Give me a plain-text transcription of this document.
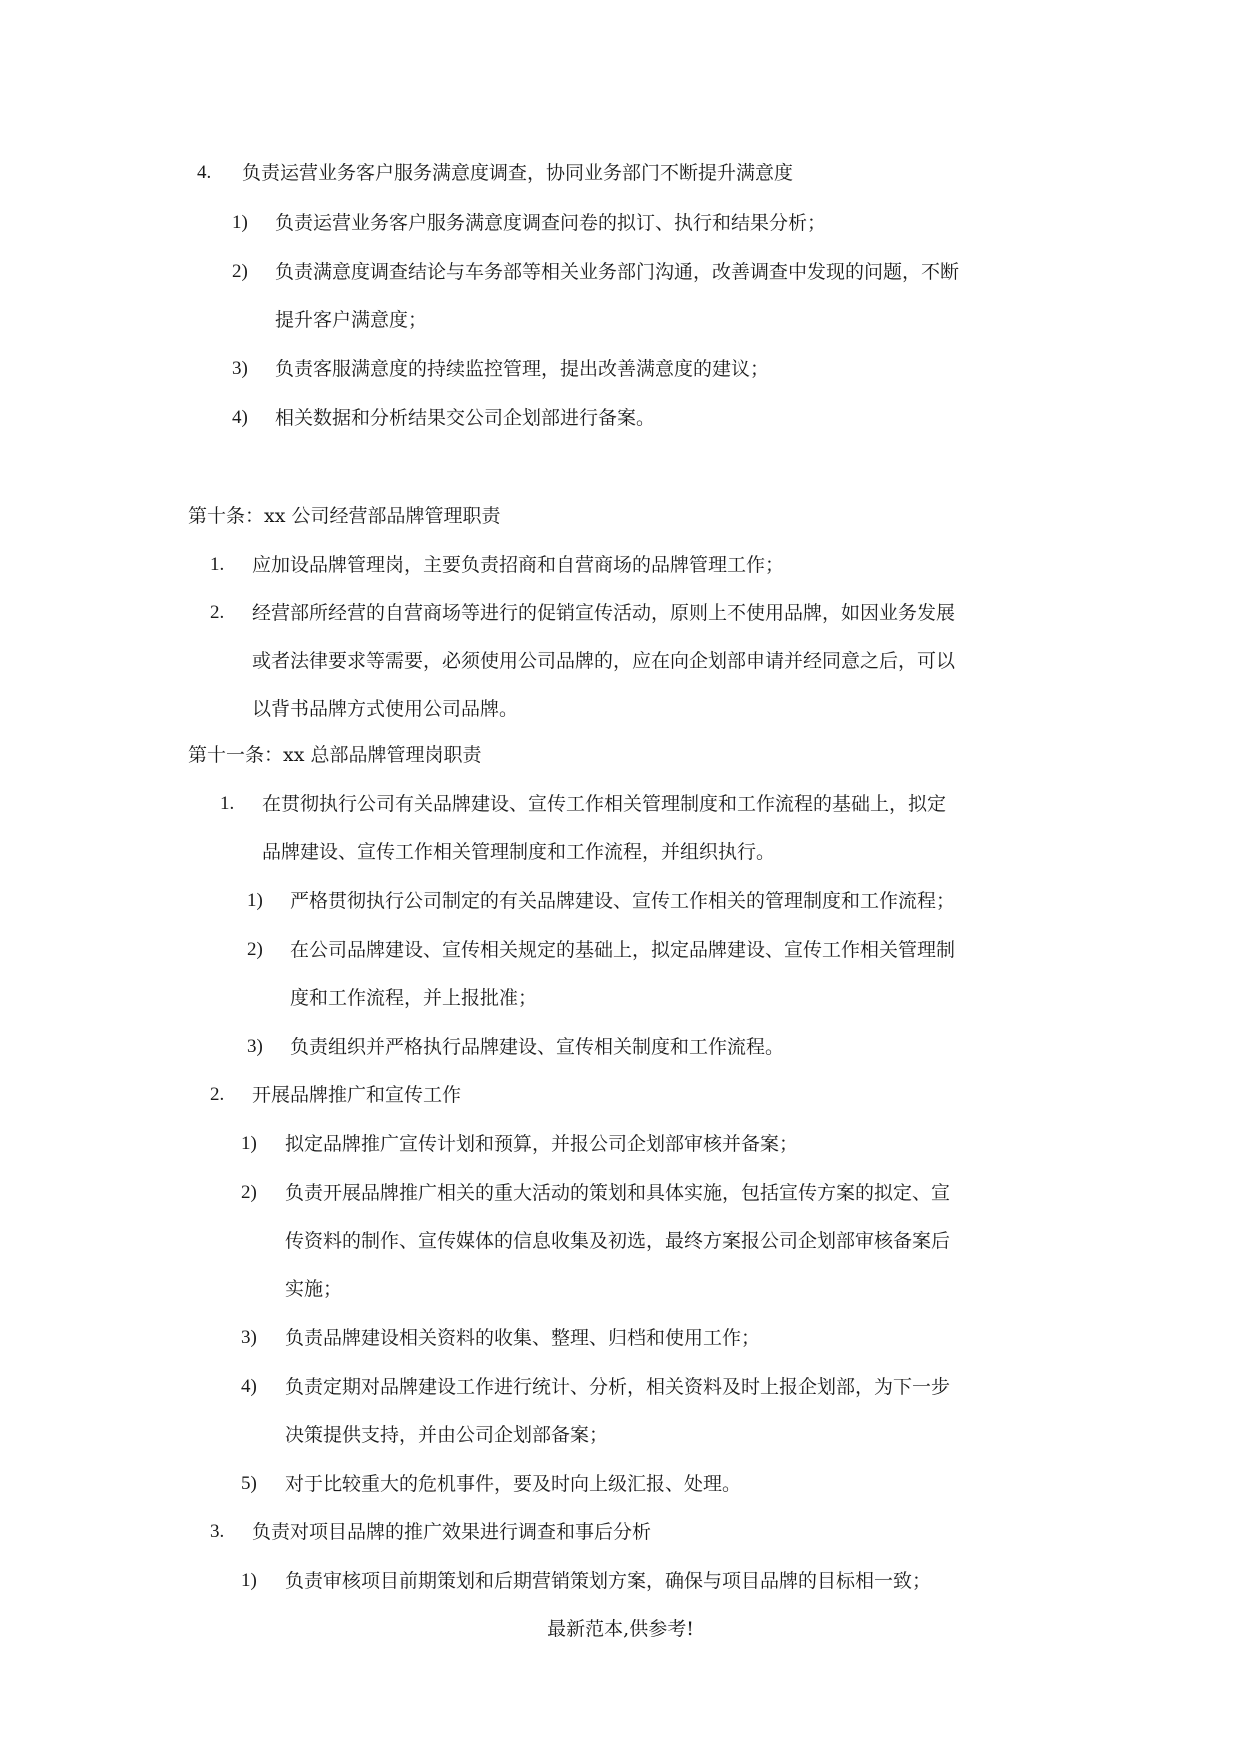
4. 负责运营业务客户服务满意度调查，协同业务部门不断提升满意度
1) 负责运营业务客户服务满意度调查问卷的拟订、执行和结果分析；
2) 负责满意度调查结论与车务部等相关业务部门沟通，改善调查中发现的问题，不断
提升客户满意度；
3) 负责客服满意度的持续监控管理，提出改善满意度的建议；
4) 相关数据和分析结果交公司企划部进行备案。
第十条：xx 公司经营部品牌管理职责
1. 应加设品牌管理岗，主要负责招商和自营商场的品牌管理工作；
2. 经营部所经营的自营商场等进行的促销宣传活动，原则上不使用品牌，如因业务发展
或者法律要求等需要，必须使用公司品牌的，应在向企划部申请并经同意之后，可以
以背书品牌方式使用公司品牌。
第十一条：xx 总部品牌管理岗职责
1. 在贯彻执行公司有关品牌建设、宣传工作相关管理制度和工作流程的基础上，拟定
品牌建设、宣传工作相关管理制度和工作流程，并组织执行。
1) 严格贯彻执行公司制定的有关品牌建设、宣传工作相关的管理制度和工作流程；
2) 在公司品牌建设、宣传相关规定的基础上，拟定品牌建设、宣传工作相关管理制
度和工作流程，并上报批准；
3) 负责组织并严格执行品牌建设、宣传相关制度和工作流程。
2. 开展品牌推广和宣传工作
1) 拟定品牌推广宣传计划和预算，并报公司企划部审核并备案；
2) 负责开展品牌推广相关的重大活动的策划和具体实施，包括宣传方案的拟定、宣
传资料的制作、宣传媒体的信息收集及初选，最终方案报公司企划部审核备案后
实施；
3) 负责品牌建设相关资料的收集、整理、归档和使用工作；
4) 负责定期对品牌建设工作进行统计、分析，相关资料及时上报企划部，为下一步
决策提供支持，并由公司企划部备案；
5) 对于比较重大的危机事件，要及时向上级汇报、处理。
3. 负责对项目品牌的推广效果进行调查和事后分析
1) 负责审核项目前期策划和后期营销策划方案，确保与项目品牌的目标相一致；
最新范本,供参考!
